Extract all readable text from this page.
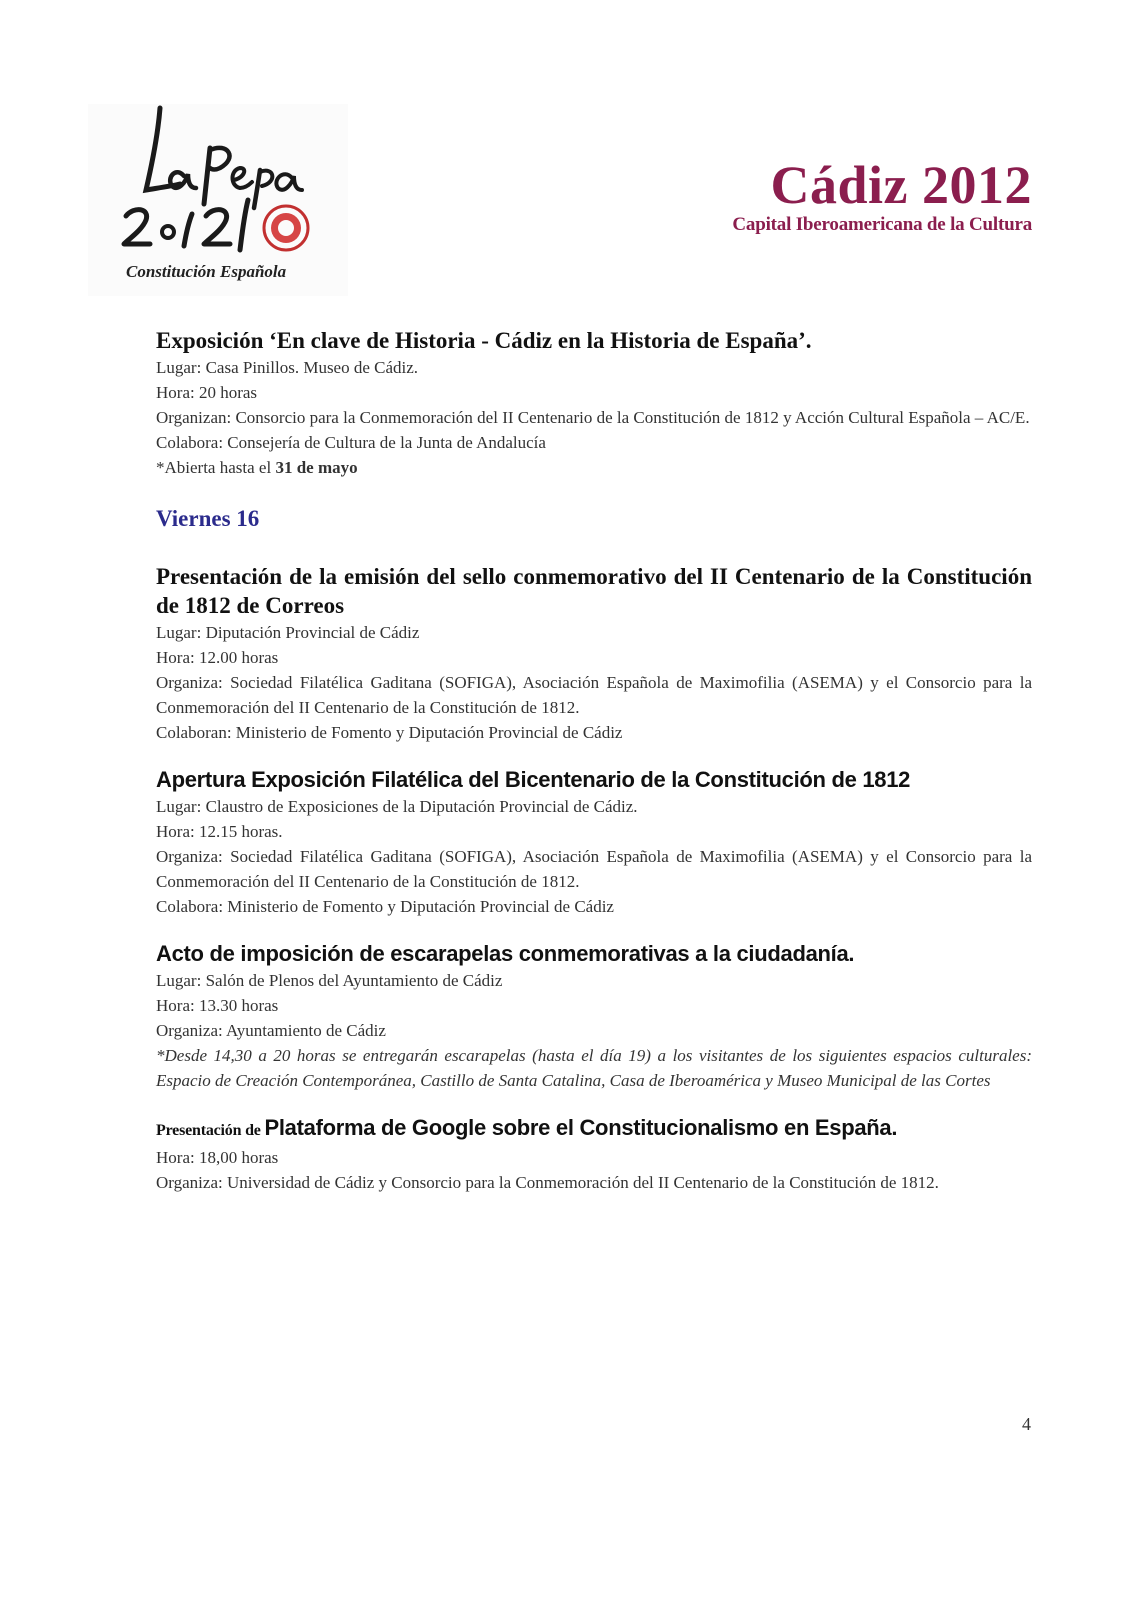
Constitución Española
Cádiz 2012
Capital Iberoamericana de la Cultura
Exposición ‘En clave de Historia - Cádiz en la Historia de España’.
Lugar: Casa Pinillos. Museo de Cádiz.
Hora: 20 horas
Organizan: Consorcio para la Conmemoración del II Centenario de la Constitución de 1812 y Acción Cultural Española – AC/E.
Colabora: Consejería de Cultura de la Junta de Andalucía
*Abierta hasta el 31 de mayo
Viernes 16
Presentación de la emisión del sello conmemorativo del II Centenario de la Constitución de 1812 de Correos
Lugar: Diputación Provincial de Cádiz
Hora: 12.00 horas
Organiza: Sociedad Filatélica Gaditana (SOFIGA), Asociación Española de Maximofilia (ASEMA) y el Consorcio para la Conmemoración del II Centenario de la Constitución de 1812.
Colaboran: Ministerio de Fomento y Diputación Provincial de Cádiz
Apertura Exposición Filatélica del Bicentenario de la Constitución de 1812
Lugar: Claustro de Exposiciones de la Diputación Provincial de Cádiz.
Hora: 12.15 horas.
Organiza: Sociedad Filatélica Gaditana (SOFIGA), Asociación Española de Maximofilia (ASEMA) y el Consorcio para la Conmemoración del II Centenario de la Constitución de 1812.
Colabora: Ministerio de Fomento y Diputación Provincial de Cádiz
Acto de imposición de escarapelas conmemorativas a la ciudadanía.
Lugar: Salón de Plenos del Ayuntamiento de Cádiz
Hora: 13.30 horas
Organiza: Ayuntamiento de Cádiz
*Desde 14,30 a 20 horas se entregarán escarapelas (hasta el día 19) a los visitantes de los siguientes espacios culturales: Espacio de Creación Contemporánea, Castillo de Santa Catalina, Casa de Iberoamérica y Museo Municipal de las Cortes
Presentación de Plataforma de Google sobre el Constitucionalismo en España.
Hora: 18,00 horas
Organiza: Universidad de Cádiz y Consorcio para la Conmemoración del II Centenario de la Constitución de 1812.
4
